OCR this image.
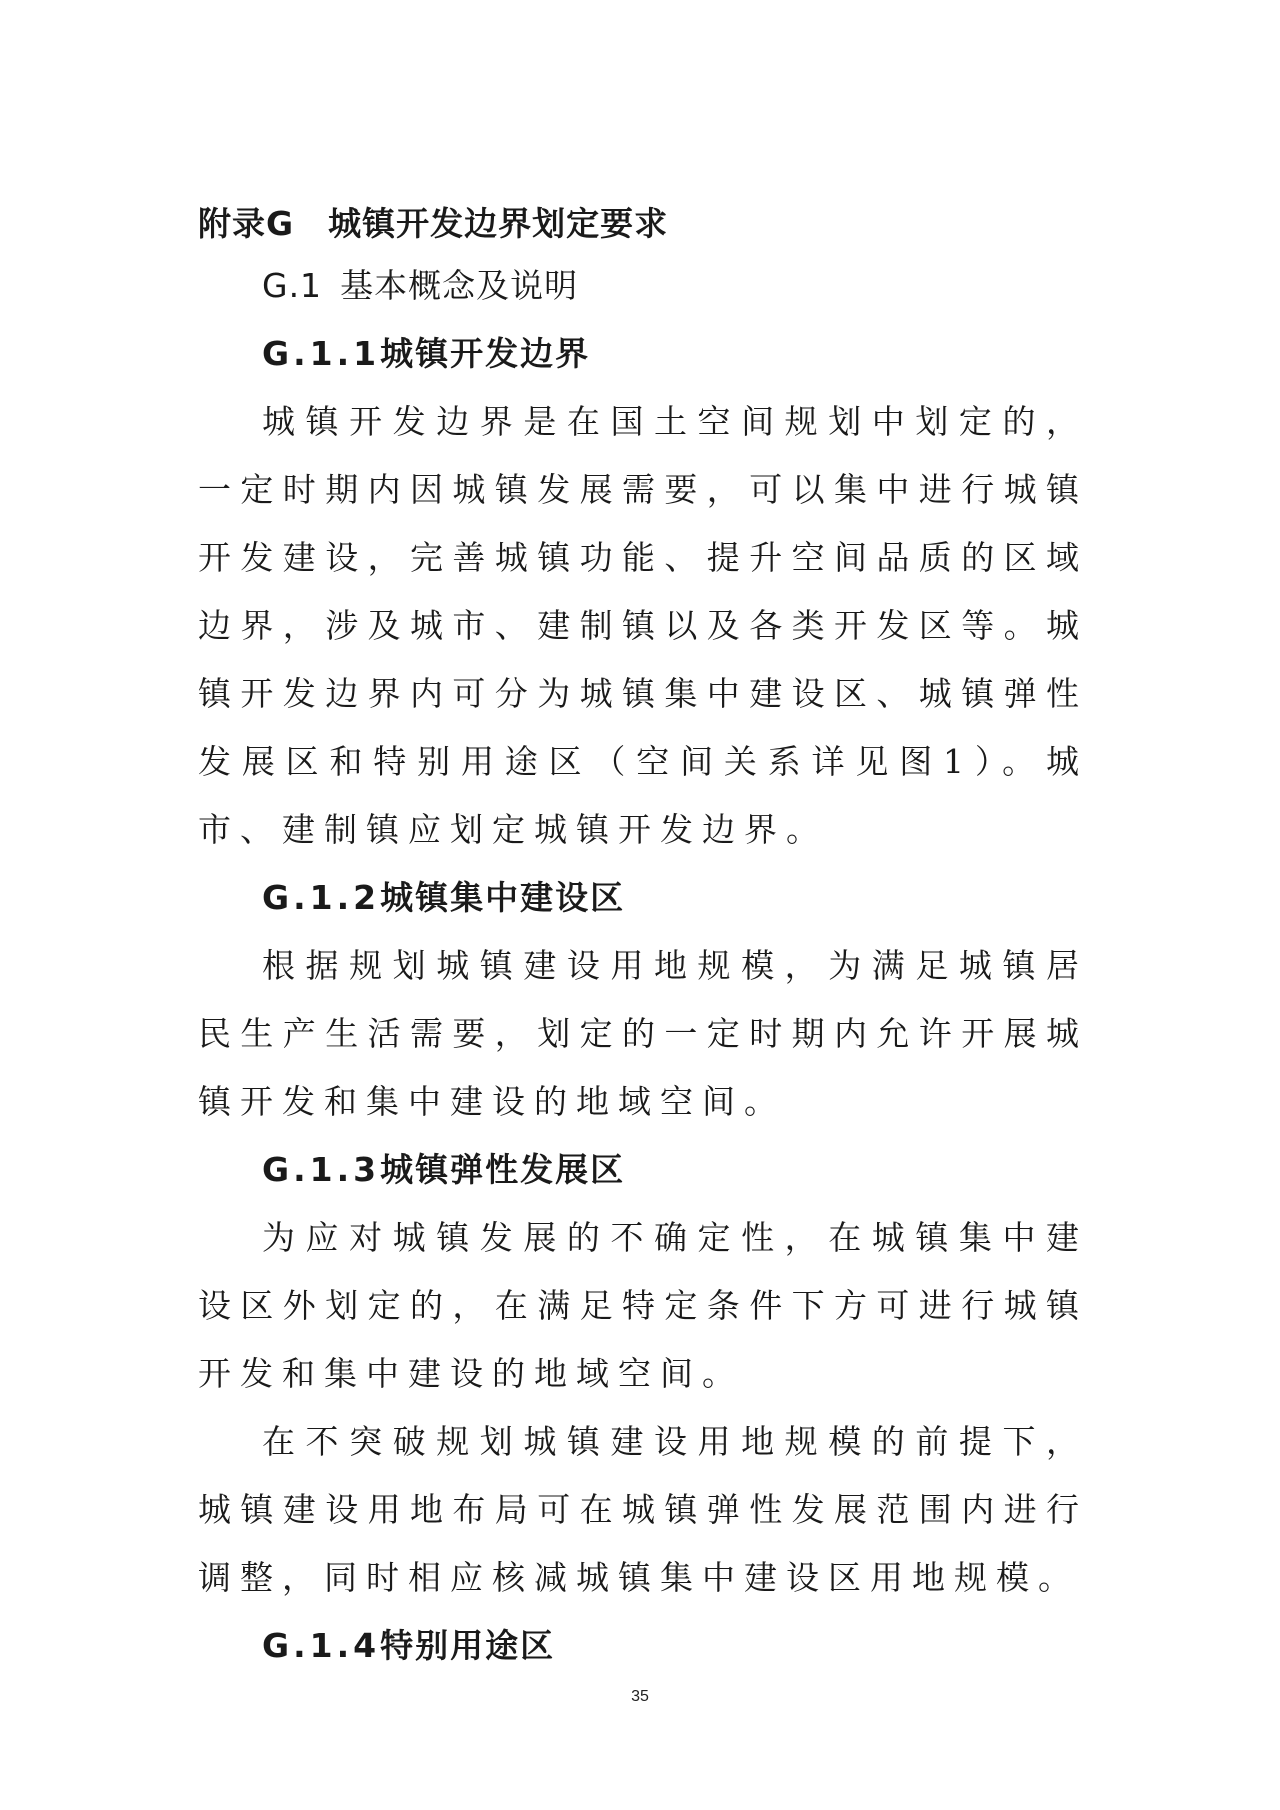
附录G 城镇开发边界划定要求
G.1 基本概念及说明
G.1.1城镇开发边界

城镇开发边界是在国土空间规划中划定的，一定时期内因城镇发展需要，可以集中进行城镇开发建设，完善城镇功能、提升空间品质的区域边界，涉及城市、建制镇以及各类开发区等。城镇开发边界内可分为城镇集中建设区、城镇弹性发展区和特别用途区（空间关系详见图1）。城市、建制镇应划定城镇开发边界。

G.1.2城镇集中建设区

根据规划城镇建设用地规模，为满足城镇居民生产生活需要，划定的一定时期内允许开展城镇开发和集中建设的地域空间。

G.1.3城镇弹性发展区

为应对城镇发展的不确定性，在城镇集中建设区外划定的，在满足特定条件下方可进行城镇开发和集中建设的地域空间。

在不突破规划城镇建设用地规模的前提下，城镇建设用地布局可在城镇弹性发展范围内进行调整，同时相应核减城镇集中建设区用地规模。

G.1.4特别用途区
35
